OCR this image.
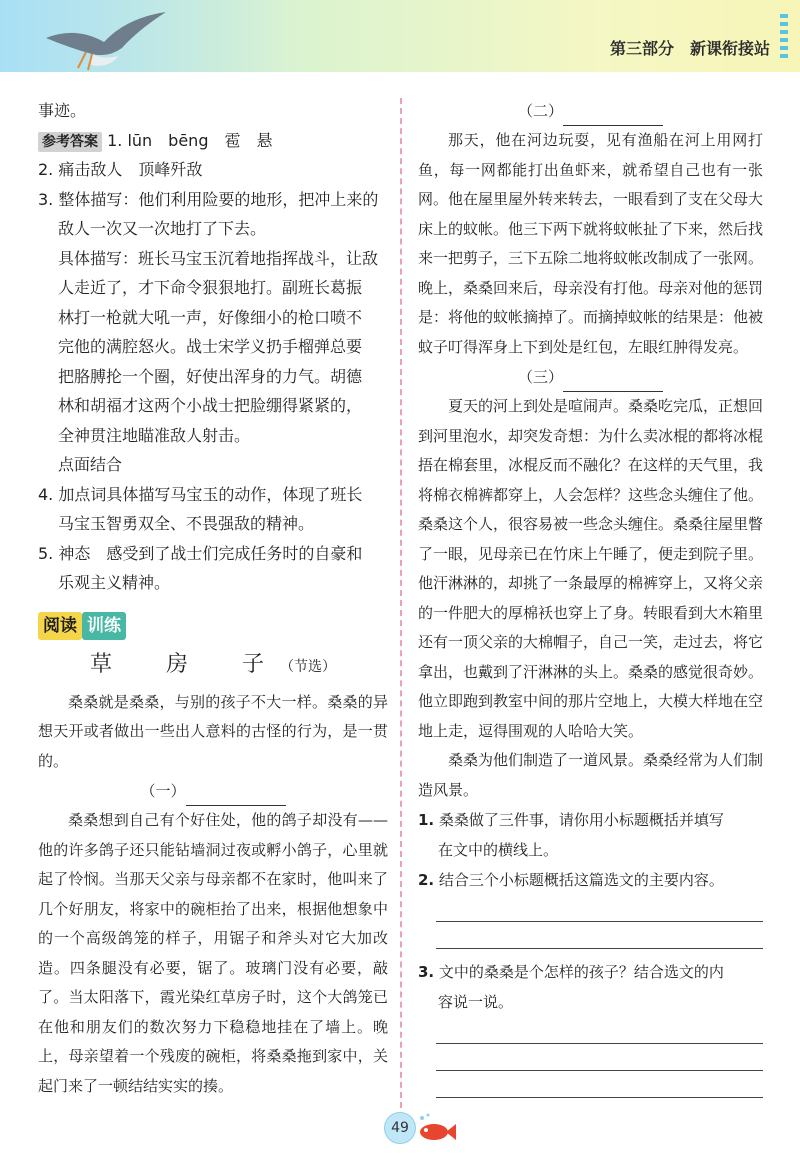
第三部分　新课衔接站

事迹。

参考答案 1. lūn　bēng　雹　悬

2. 痛击敌人　顶峰歼敌

3. 整体描写：他们利用险要的地形，把冲上来的

敌人一次又一次地打了下去。

具体描写：班长马宝玉沉着地指挥战斗，让敌

人走近了，才下命令狠狠地打。副班长葛振

林打一枪就大吼一声，好像细小的枪口喷不

完他的满腔怒火。战士宋学义扔手榴弹总要

把胳膊抡一个圈，好使出浑身的力气。胡德

林和胡福才这两个小战士把脸绷得紧紧的，

全神贯注地瞄准敌人射击。

点面结合

4. 加点词具体描写马宝玉的动作，体现了班长

马宝玉智勇双全、不畏强敌的精神。

5. 神态　感受到了战士们完成任务时的自豪和

乐观主义精神。

阅读 训练
草　房　子（节选）

桑桑就是桑桑，与别的孩子不大一样。桑桑的异想天开或者做出一些出人意料的古怪的行为，是一贯的。

（一）

桑桑想到自己有个好住处，他的鸽子却没有——他的许多鸽子还只能钻墙洞过夜或孵小鸽子，心里就起了怜悯。当那天父亲与母亲都不在家时，他叫来了几个好朋友，将家中的碗柜抬了出来，根据他想象中的一个高级鸽笼的样子，用锯子和斧头对它大加改造。四条腿没有必要，锯了。玻璃门没有必要，敲了。当太阳落下，霞光染红草房子时，这个大鸽笼已在他和朋友们的数次努力下稳稳地挂在了墙上。晚上，母亲望着一个残废的碗柜，将桑桑拖到家中，关起门来了一顿结结实实的揍。

（二）

那天，他在河边玩耍，见有渔船在河上用网打鱼，每一网都能打出鱼虾来，就希望自己也有一张网。他在屋里屋外转来转去，一眼看到了支在父母大床上的蚊帐。他三下两下就将蚊帐扯了下来，然后找来一把剪子，三下五除二地将蚊帐改制成了一张网。晚上，桑桑回来后，母亲没有打他。母亲对他的惩罚是：将他的蚊帐摘掉了。而摘掉蚊帐的结果是：他被蚊子叮得浑身上下到处是红包，左眼红肿得发亮。

（三）

夏天的河上到处是喧闹声。桑桑吃完瓜，正想回到河里泡水，却突发奇想：为什么卖冰棍的都将冰棍捂在棉套里，冰棍反而不融化？在这样的天气里，我将棉衣棉裤都穿上，人会怎样？这些念头缠住了他。桑桑这个人，很容易被一些念头缠住。桑桑往屋里瞥了一眼，见母亲已在竹床上午睡了，便走到院子里。他汗淋淋的，却挑了一条最厚的棉裤穿上，又将父亲的一件肥大的厚棉袄也穿上了身。转眼看到大木箱里还有一顶父亲的大棉帽子，自己一笑，走过去，将它拿出，也戴到了汗淋淋的头上。桑桑的感觉很奇妙。他立即跑到教室中间的那片空地上，大模大样地在空地上走，逗得围观的人哈哈大笑。

桑桑为他们制造了一道风景。桑桑经常为人们制造风景。

1. 桑桑做了三件事，请你用小标题概括并填写

在文中的横线上。

2. 结合三个小标题概括这篇选文的主要内容。

3. 文中的桑桑是个怎样的孩子？结合选文的内

容说一说。

49
